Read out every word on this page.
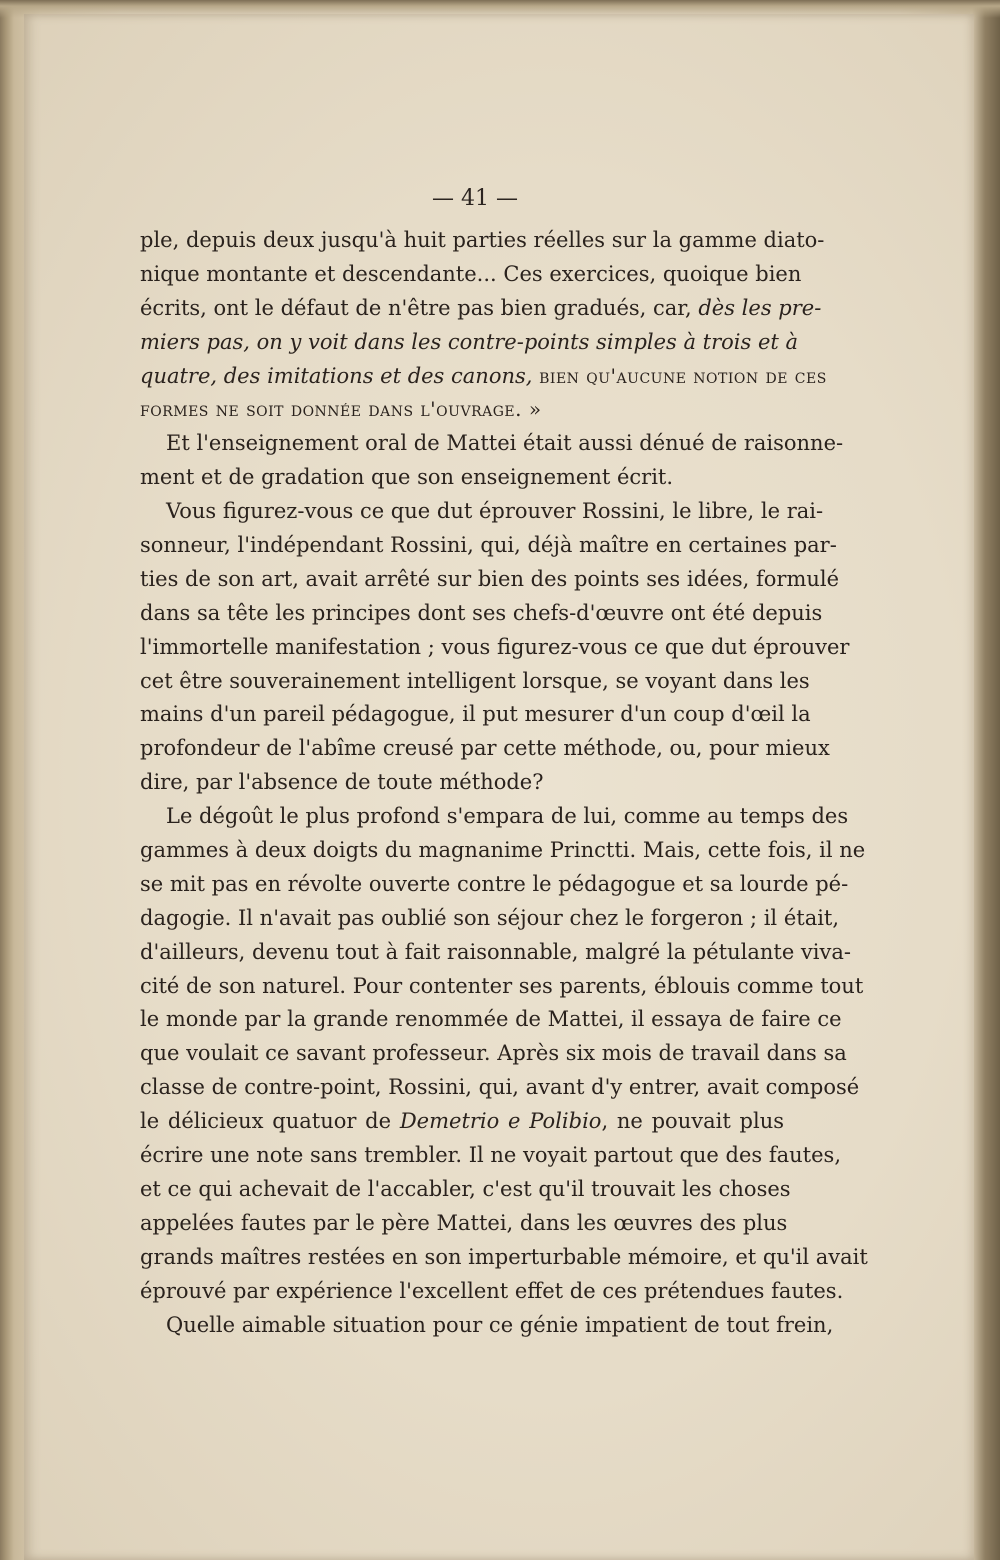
— 41 —
ple, depuis deux jusqu'à huit parties réelles sur la gamme diato-
nique montante et descendante... Ces exercices, quoique bien
écrits, ont le défaut de n'être pas bien gradués, car, dès les pre-
miers pas, on y voit dans les contre-points simples à trois et à
quatre, des imitations et des canons, bien qu'aucune notion de ces
formes ne soit donnée dans l'ouvrage. »
Et l'enseignement oral de Mattei était aussi dénué de raisonne-
ment et de gradation que son enseignement écrit.
Vous figurez-vous ce que dut éprouver Rossini, le libre, le rai-
sonneur, l'indépendant Rossini, qui, déjà maître en certaines par-
ties de son art, avait arrêté sur bien des points ses idées, formulé
dans sa tête les principes dont ses chefs-d'œuvre ont été depuis
l'immortelle manifestation ; vous figurez-vous ce que dut éprouver
cet être souverainement intelligent lorsque, se voyant dans les
mains d'un pareil pédagogue, il put mesurer d'un coup d'œil la
profondeur de l'abîme creusé par cette méthode, ou, pour mieux
dire, par l'absence de toute méthode?
Le dégoût le plus profond s'empara de lui, comme au temps des
gammes à deux doigts du magnanime Princtti. Mais, cette fois, il ne
se mit pas en révolte ouverte contre le pédagogue et sa lourde pé-
dagogie. Il n'avait pas oublié son séjour chez le forgeron ; il était,
d'ailleurs, devenu tout à fait raisonnable, malgré la pétulante viva-
cité de son naturel. Pour contenter ses parents, éblouis comme tout
le monde par la grande renommée de Mattei, il essaya de faire ce
que voulait ce savant professeur. Après six mois de travail dans sa
classe de contre-point, Rossini, qui, avant d'y entrer, avait composé
le délicieux quatuor de Demetrio e Polibio, ne pouvait plus
écrire une note sans trembler. Il ne voyait partout que des fautes,
et ce qui achevait de l'accabler, c'est qu'il trouvait les choses
appelées fautes par le père Mattei, dans les œuvres des plus
grands maîtres restées en son imperturbable mémoire, et qu'il avait
éprouvé par expérience l'excellent effet de ces prétendues fautes.
Quelle aimable situation pour ce génie impatient de tout frein,
